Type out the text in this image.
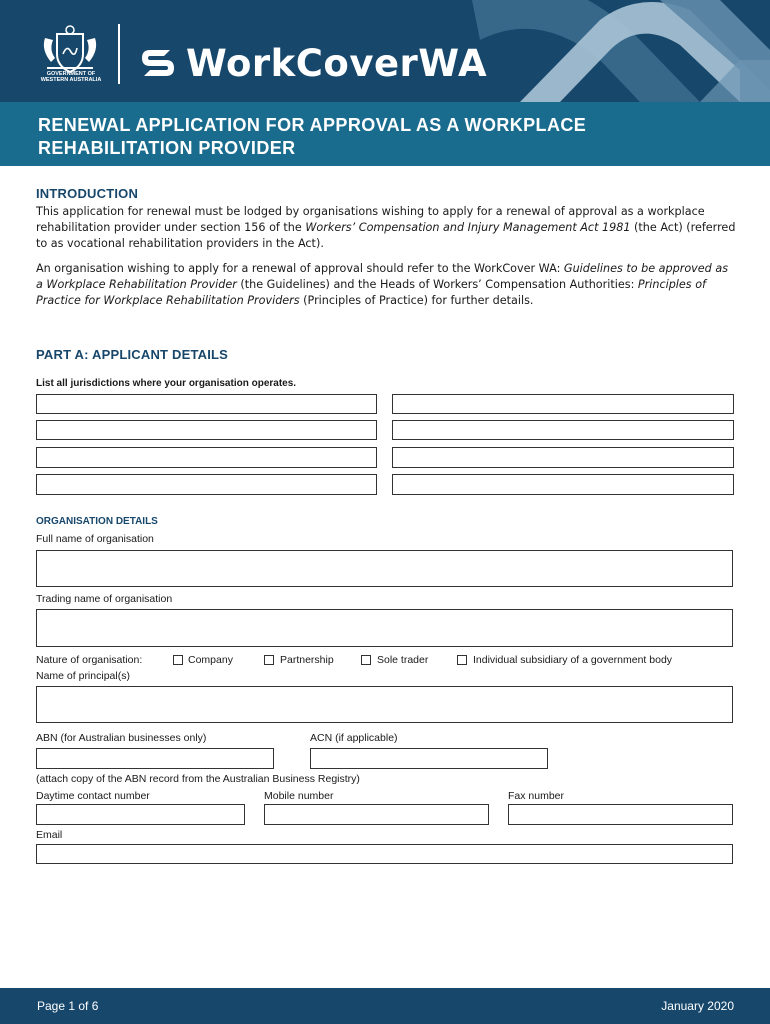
GOVERNMENT OF
WESTERN AUSTRALIA WorkCoverWA
RENEWAL APPLICATION FOR APPROVAL AS A WORKPLACE REHABILITATION PROVIDER
INTRODUCTION
This application for renewal must be lodged by organisations wishing to apply for a renewal of approval as a workplace rehabilitation provider under section 156 of the Workers’ Compensation and Injury Management Act 1981 (the Act) (referred to as vocational rehabilitation providers in the Act).
An organisation wishing to apply for a renewal of approval should refer to the WorkCover WA: Guidelines to be approved as a Workplace Rehabilitation Provider (the Guidelines) and the Heads of Workers’ Compensation Authorities: Principles of Practice for Workplace Rehabilitation Providers (Principles of Practice) for further details.
PART A: APPLICANT DETAILS
List all jurisdictions where your organisation operates.
ORGANISATION DETAILS
Full name of organisation
Trading name of organisation
Nature of organisation:	Company	Partnership	Sole trader	Individual subsidiary of a government body
Name of principal(s)
ABN (for Australian businesses only)	ACN (if applicable)
(attach copy of the ABN record from the Australian Business Registry)
Daytime contact number	Mobile number	Fax number
Email
Page 1 of 6	January 2020
